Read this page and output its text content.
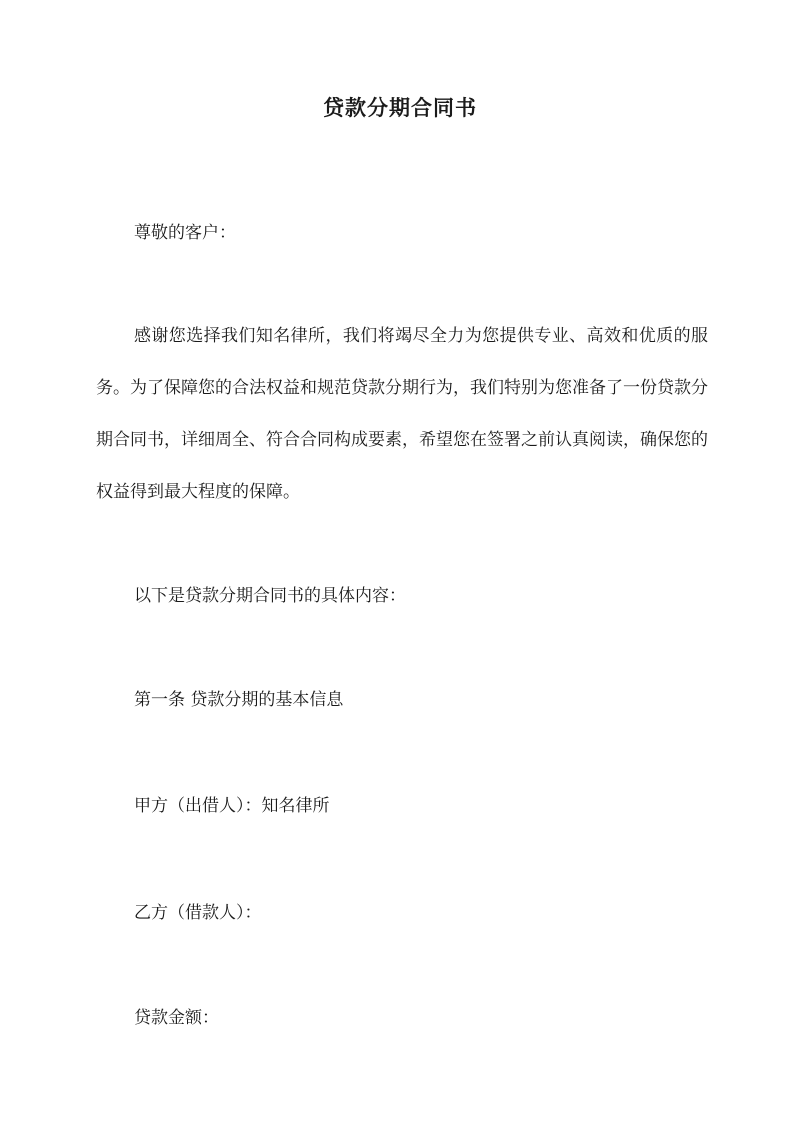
贷款分期合同书

尊敬的客户：

感谢您选择我们知名律所，我们将竭尽全力为您提供专业、高效和优质的服务。为了保障您的合法权益和规范贷款分期行为，我们特别为您准备了一份贷款分期合同书，详细周全、符合合同构成要素，希望您在签署之前认真阅读，确保您的权益得到最大程度的保障。

以下是贷款分期合同书的具体内容：

第一条 贷款分期的基本信息

甲方（出借人）：知名律所

乙方（借款人）：

贷款金额：
